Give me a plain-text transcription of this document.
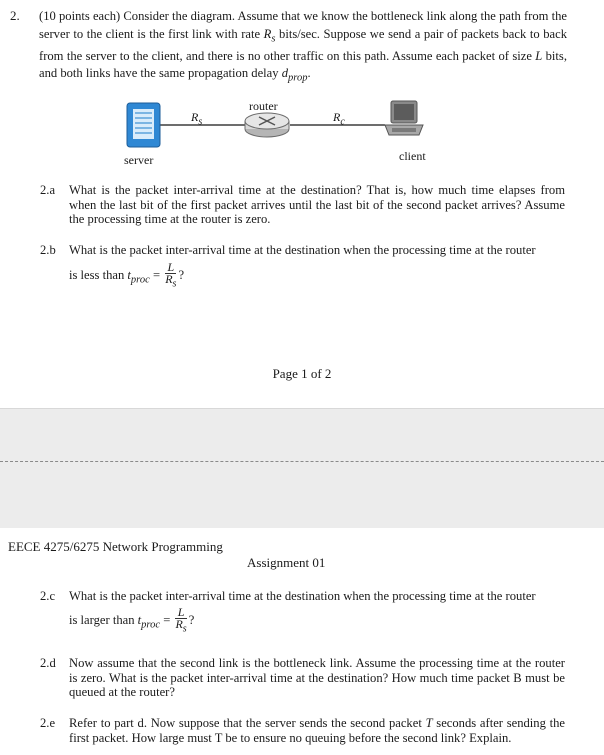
2. (10 points each) Consider the diagram. Assume that we know the bottleneck link along the path from the server to the client is the first link with rate $R_s$ bits/sec. Suppose we send a pair of packets back to back from the server to the client, and there is no other traffic on this path. Assume each packet of size L bits, and both links have the same propagation delay $d_{prop}$.
router
server	client
$R_s$	$R_c$
2.a What is the packet inter-arrival time at the destination? That is, how much time elapses from when the last bit of the first packet arrives until the last bit of the second packet arrives? Assume the processing time at the router is zero.
2.b What is the packet inter-arrival time at the destination when the processing time at the router
is less than $t_{proc} = \frac{L}{R_s}$ ?
Page 1 of 2
EECE 4275/6275 Network Programming
Assignment 01
2.c What is the packet inter-arrival time at the destination when the processing time at the router
is larger than $t_{proc} = \frac{L}{R_s}$ ?
2.d Now assume that the second link is the bottleneck link. Assume the processing time at the router is zero. What is the packet inter-arrival time at the destination? How much time packet B must be queued at the router?
2.e Refer to part d. Now suppose that the server sends the second packet T seconds after sending the first packet. How large must T be to ensure no queuing before the second link? Explain.
